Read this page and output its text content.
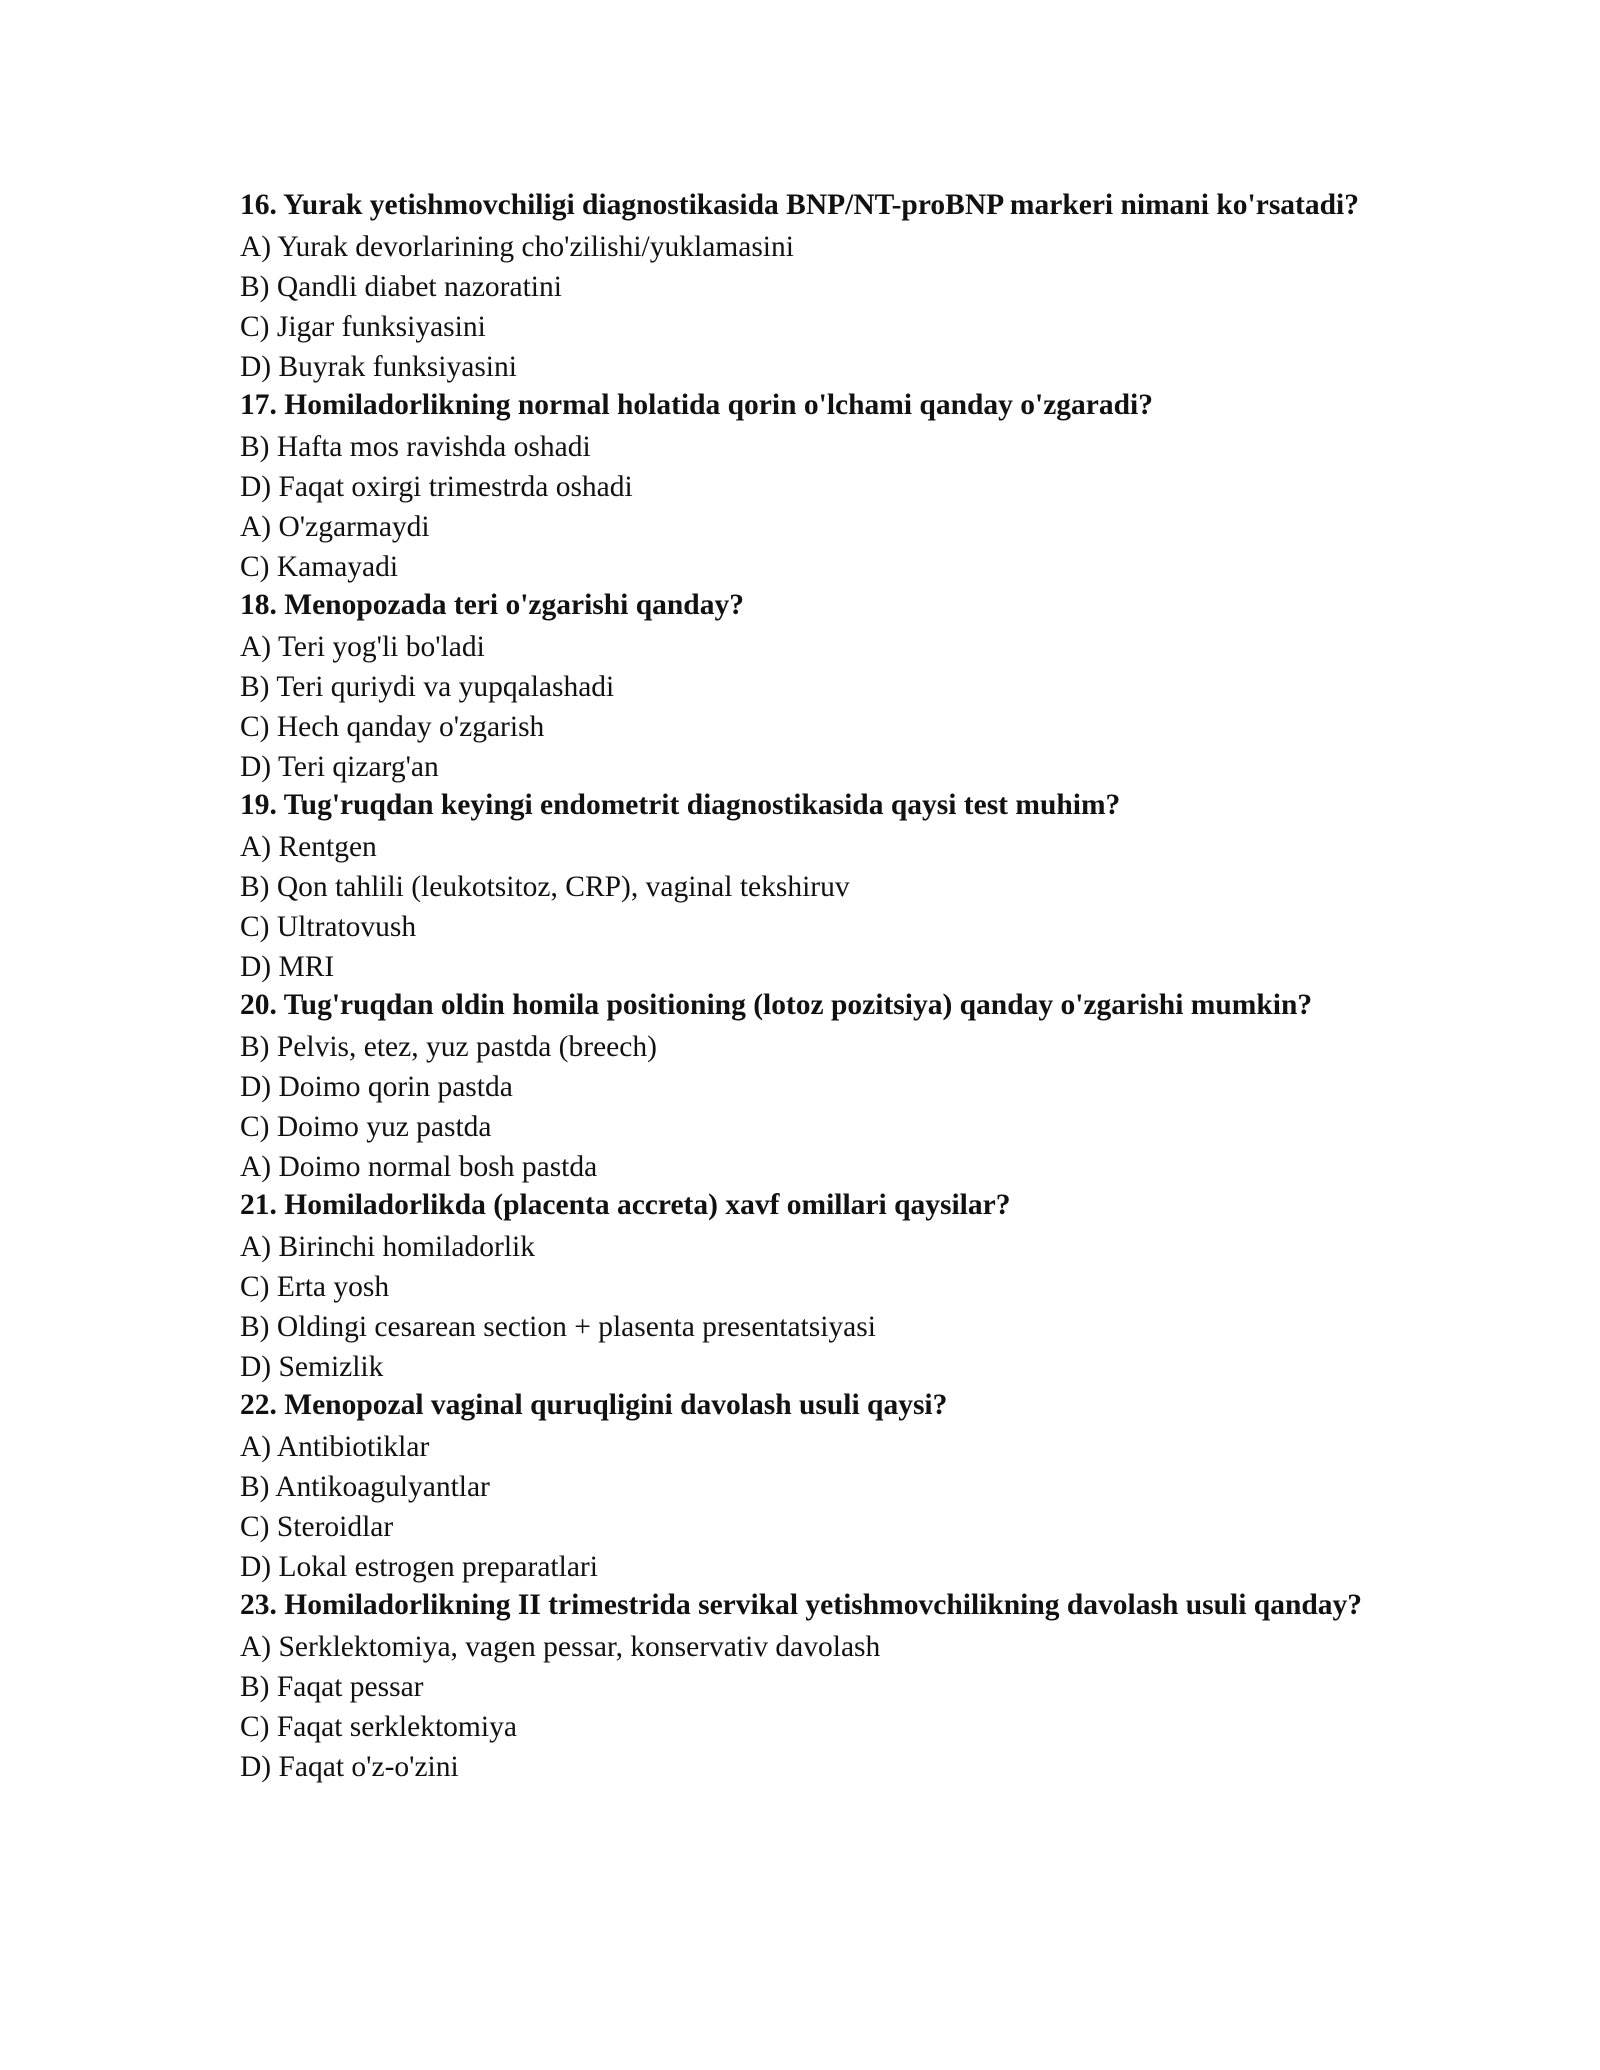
16. Yurak yetishmovchiligi diagnostikasida BNP/NT-proBNP markeri nimani ko'rsatadi?

A) Yurak devorlarining cho'zilishi/yuklamasini

B) Qandli diabet nazoratini

C) Jigar funksiyasini

D) Buyrak funksiyasini

17. Homiladorlikning normal holatida qorin o'lchami qanday o'zgaradi?

B) Hafta mos ravishda oshadi

D) Faqat oxirgi trimestrda oshadi

A) O'zgarmaydi

C) Kamayadi

18. Menopozada teri o'zgarishi qanday?

A) Teri yog'li bo'ladi

B) Teri quriydi va yupqalashadi

C) Hech qanday o'zgarish

D) Teri qizarg'an

19. Tug'ruqdan keyingi endometrit diagnostikasida qaysi test muhim?

A) Rentgen

B) Qon tahlili (leukotsitoz, CRP), vaginal tekshiruv

C) Ultratovush

D) MRI

20. Tug'ruqdan oldin homila positioning (lotoz pozitsiya) qanday o'zgarishi mumkin?

B) Pelvis, etez, yuz pastda (breech)

D) Doimo qorin pastda

C) Doimo yuz pastda

A) Doimo normal bosh pastda

21. Homiladorlikda (placenta accreta) xavf omillari qaysilar?

A) Birinchi homiladorlik

C) Erta yosh

B) Oldingi cesarean section + plasenta presentatsiyasi

D) Semizlik

22. Menopozal vaginal quruqligini davolash usuli qaysi?

A) Antibiotiklar

B) Antikoagulyantlar

C) Steroidlar

D) Lokal estrogen preparatlari

23. Homiladorlikning II trimestrida servikal yetishmovchilikning davolash usuli qanday?

A) Serklektomiya, vagen pessar, konservativ davolash

B) Faqat pessar

C) Faqat serklektomiya

D) Faqat o'z-o'zini
